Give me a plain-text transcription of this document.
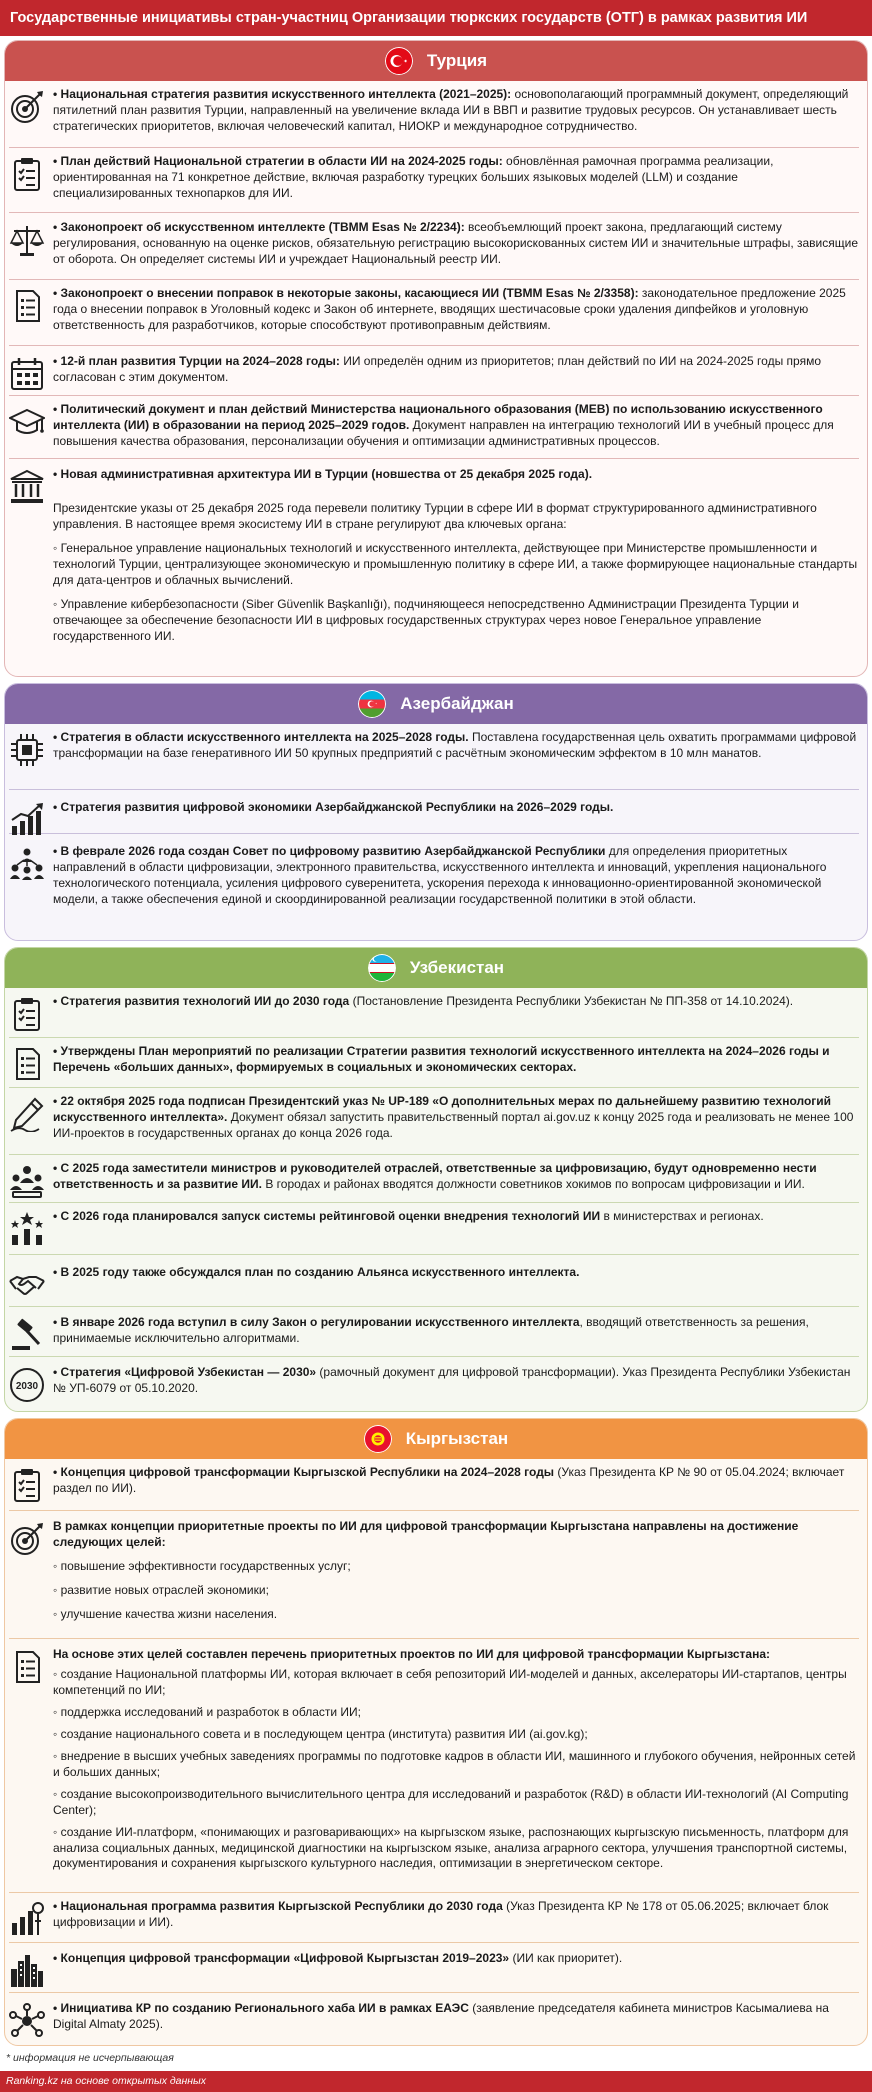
Государственные инициативы стран-участниц Организации тюркских государств (ОТГ) в рамках развития ИИ
Турция

• Национальная стратегия развития искусственного интеллекта (2021–2025): основополагающий программный документ, определяющий пятилетний план развития Турции, направленный на увеличение вклада ИИ в ВВП и развитие трудовых ресурсов. Он устанавливает шесть стратегических приоритетов, включая человеческий капитал, НИОКР и международное сотрудничество.

• План действий Национальной стратегии в области ИИ на 2024-2025 годы: обновлённая рамочная программа реализации, ориентированная на 71 конкретное действие, включая разработку турецких больших языковых моделей (LLM) и создание специализированных технопарков для ИИ.

• Законопроект об искусственном интеллекте (TBMM Esas № 2/2234): всеобъемлющий проект закона, предлагающий систему регулирования, основанную на оценке рисков, обязательную регистрацию высокорискованных систем ИИ и значительные штрафы, зависящие от оборота. Он определяет системы ИИ и учреждает Национальный реестр ИИ.

• Законопроект о внесении поправок в некоторые законы, касающиеся ИИ (TBMM Esas № 2/3358): законодательное предложение 2025 года о внесении поправок в Уголовный кодекс и Закон об интернете, вводящих шестичасовые сроки удаления дипфейков и уголовную ответственность для разработчиков, которые способствуют противоправным действиям.

• 12-й план развития Турции на 2024–2028 годы: ИИ определён одним из приоритетов; план действий по ИИ на 2024-2025 годы прямо согласован с этим документом.

• Политический документ и план действий Министерства национального образования (MEB) по использованию искусственного интеллекта (ИИ) в образовании на период 2025–2029 годов. Документ направлен на интеграцию технологий ИИ в учебный процесс для повышения качества образования, персонализации обучения и оптимизации административных процессов.

• Новая административная архитектура ИИ в Турции (новшества от 25 декабря 2025 года).

Президентские указы от 25 декабря 2025 года перевели политику Турции в сфере ИИ в формат структурированного административного управления. В настоящее время экосистему ИИ в стране регулируют два ключевых органа:

◦ Генеральное управление национальных технологий и искусственного интеллекта, действующее при Министерстве промышленности и технологий Турции, централизующее экономическую и промышленную политику в сфере ИИ, а также формирующее национальные стандарты для дата-центров и облачных вычислений.

◦ Управление кибербезопасности (Siber Güvenlik Başkanlığı), подчиняющееся непосредственно Администрации Президента Турции и отвечающее за обеспечение безопасности ИИ в цифровых государственных структурах через новое Генеральное управление государственного ИИ.

Азербайджан

• Стратегия в области искусственного интеллекта на 2025–2028 годы. Поставлена государственная цель охватить программами цифровой трансформации на базе генеративного ИИ 50 крупных предприятий с расчётным экономическим эффектом в 10 млн манатов.

• Стратегия развития цифровой экономики Азербайджанской Республики на 2026–2029 годы.

• В феврале 2026 года создан Совет по цифровому развитию Азербайджанской Республики для определения приоритетных направлений в области цифровизации, электронного правительства, искусственного интеллекта и инноваций, укрепления национального технологического потенциала, усиления цифрового суверенитета, ускорения перехода к инновационно-ориентированной экономической модели, а также обеспечения единой и скоординированной реализации государственной политики в этой области.

Узбекистан

• Стратегия развития технологий ИИ до 2030 года (Постановление Президента Республики Узбекистан № ПП-358 от 14.10.2024).

• Утверждены План мероприятий по реализации Стратегии развития технологий искусственного интеллекта на 2024–2026 годы и Перечень «больших данных», формируемых в социальных и экономических секторах.

• 22 октября 2025 года подписан Президентский указ № UP-189 «О дополнительных мерах по дальнейшему развитию технологий искусственного интеллекта». Документ обязал запустить правительственный портал ai.gov.uz к концу 2025 года и реализовать не менее 100 ИИ-проектов в государственных органах до конца 2026 года.

• С 2025 года заместители министров и руководителей отраслей, ответственные за цифровизацию, будут одновременно нести ответственность и за развитие ИИ. В городах и районах вводятся должности советников хокимов по вопросам цифровизации и ИИ.

• С 2026 года планировался запуск системы рейтинговой оценки внедрения технологий ИИ в министерствах и регионах.

• В 2025 году также обсуждался план по созданию Альянса искусственного интеллекта.

• В январе 2026 года вступил в силу Закон о регулировании искусственного интеллекта, вводящий ответственность за решения, принимаемые исключительно алгоритмами.

2030

• Стратегия «Цифровой Узбекистан — 2030» (рамочный документ для цифровой трансформации). Указ Президента Республики Узбекистан № УП-6079 от 05.10.2020.

Кыргызстан

• Концепция цифровой трансформации Кыргызской Республики на 2024–2028 годы (Указ Президента КР № 90 от 05.04.2024; включает раздел по ИИ).

В рамках концепции приоритетные проекты по ИИ для цифровой трансформации Кыргызстана направлены на достижение следующих целей:

◦ повышение эффективности государственных услуг;

◦ развитие новых отраслей экономики;

◦ улучшение качества жизни населения.

На основе этих целей составлен перечень приоритетных проектов по ИИ для цифровой трансформации Кыргызстана:

◦ создание Национальной платформы ИИ, которая включает в себя репозиторий ИИ-моделей и данных, акселераторы ИИ-стартапов, центры компетенций по ИИ;

◦ поддержка исследований и разработок в области ИИ;

◦ создание национального совета и в последующем центра (института) развития ИИ (ai.gov.kg);

◦ внедрение в высших учебных заведениях программы по подготовке кадров в области ИИ, машинного и глубокого обучения, нейронных сетей и больших данных;

◦ создание высокопроизводительного вычислительного центра для исследований и разработок (R&D) в области ИИ-технологий (AI Computing Center);

◦ создание ИИ-платформ, «понимающих и разговаривающих» на кыргызском языке, распознающих кыргызскую письменность, платформ для анализа социальных данных, медицинской диагностики на кыргызском языке, анализа аграрного сектора, улучшения транспортной системы, документирования и сохранения кыргызского культурного наследия, оптимизации в энергетическом секторе.

• Национальная программа развития Кыргызской Республики до 2030 года (Указ Президента КР № 178 от 05.06.2025; включает блок цифровизации и ИИ).

• Концепция цифровой трансформации «Цифровой Кыргызстан 2019–2023» (ИИ как приоритет).

• Инициатива КР по созданию Регионального хаба ИИ в рамках ЕАЭС (заявление председателя кабинета министров Касымалиева на Digital Almaty 2025).

* информация не исчерпывающая
Ranking.kz на основе открытых данных
